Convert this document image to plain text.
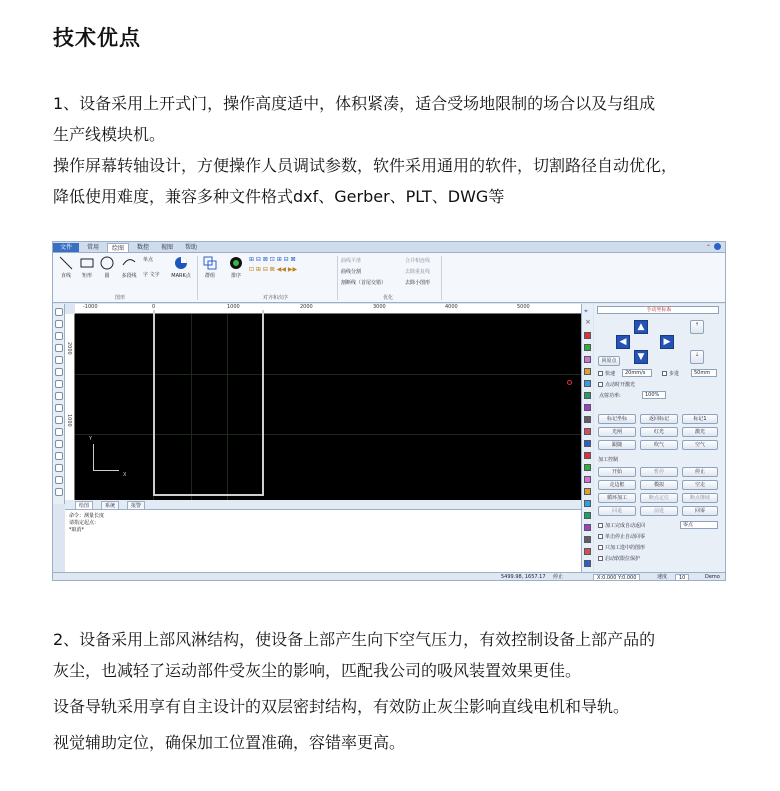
技术优点
1、设备采用上开式门，操作高度适中，体积紧凑，适合受场地限制的场合以及与组成
生产线模块机。
操作屏幕转轴设计，方便操作人员调试参数，软件采用通用的软件，切割路径自动优化，
降低使用难度，兼容多种文件格式dxf、Gerber、PLT、DWG等
文件	常用	绘图	数控	视图	帮助	⌃
直线	矩形	圆	多段线
单点
字 文字	MARK点
图形
群组	排序
⊞ ⊟ ⊠ ⊡ ⊞ ⊟ ⊠
⊡ ⊞ ⊟ ⊠ ◀◀ ▶▶
对齐和次序
曲线平滑
曲线分割
割断线（首尾交错）
合并相连线
去除重复线
去除小图形
优化
-1000	0	1000	2000	3000	4000	5000
2000
1000
Y
X
⌖
×
手动坐标系
▲
◀	▶
▼
⇡
⇣
回原点
快速	20mm/s	步进	50mm
点动时开激光
点射功率:	100%
标记坐标	返回标记	标记1
光闸	红光	激光
跟随	吹气	空气
加工控制
开始	暂停	停止
走边框	模拟	空走
循环加工	断点定位	断点继续
回退	前进	回零
加工完成自动返回	零点
单击停止自动回零
只加工选中的图形
启动软限位保护
绘图	系统	报警
命令：测量长度
请指定起点：
*取消*
5499.98, 1657.17 停止	X:0.000 Y:0.000	速度	10	Demo
2、设备采用上部风淋结构，使设备上部产生向下空气压力，有效控制设备上部产品的
灰尘，也减轻了运动部件受灰尘的影响，匹配我公司的吸风装置效果更佳。
设备导轨采用享有自主设计的双层密封结构，有效防止灰尘影响直线电机和导轨。
视觉辅助定位，确保加工位置准确，容错率更高。
